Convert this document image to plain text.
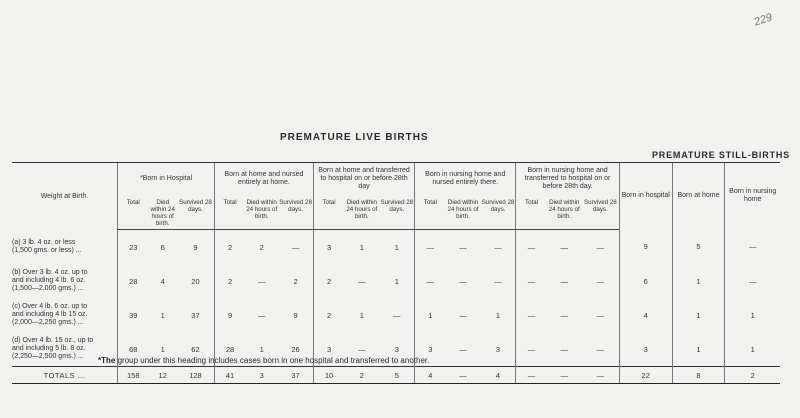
229
PREMATURE LIVE BIRTHS
PREMATURE STILL-BIRTHS
Weight at Birth.	*Born in Hospital			Born at home and nursed entirely at home.			Born at home and transferred to hospital on or before 28th day			Born in nursing home and nursed entirely there.			Born in nursing home and transferred to hospital on or before 28th day.			Born in hospital	Born at home	Born in nursing home
	Total	Died within 24 hours of birth.	Survived 28 days.	Total	Died within 24 hours of birth.	Survived 28 days.	Total	Died within 24 hours of birth.	Survived 28 days.	Total	Died within 24 hours of birth.	Survived 28 days.	Total	Died within 24 hours of birth.	Survived 28 days.			

(a) 3 lb. 4 oz. or less
(1,500 gms. or less) ...	23	6	9	2	2	—	3	1	1	—	—	—	—	—	—	9	5	—

(b) Over 3 lb. 4 oz. up to
and including 4 lb. 6 oz.
(1,500—2,000 gms.) ...	28	4	20	2	—	2	2	—	1	—	—	—	—	—	—	6	1	—

(c) Over 4 lb. 6 oz. up to
and including 4 lb 15 oz.
(2,000—2,250 gms.) ...	39	1	37	9	—	9	2	1	—	1	—	1	—	—	—	4	1	1

(d) Over 4 lb. 15 oz., up to
and including 5 lb. 8 oz.
(2,250—2,500 gms.) ...	68	1	62	28	1	26	3	—	3	3	—	3	—	—	—	3	1	1
TOTALS ...	158	12	128	41	3	37	10	2	5	4	—	4	—	—	—	22	8	2
*The group under this heading includes cases born in one hospital and transferred to another.
